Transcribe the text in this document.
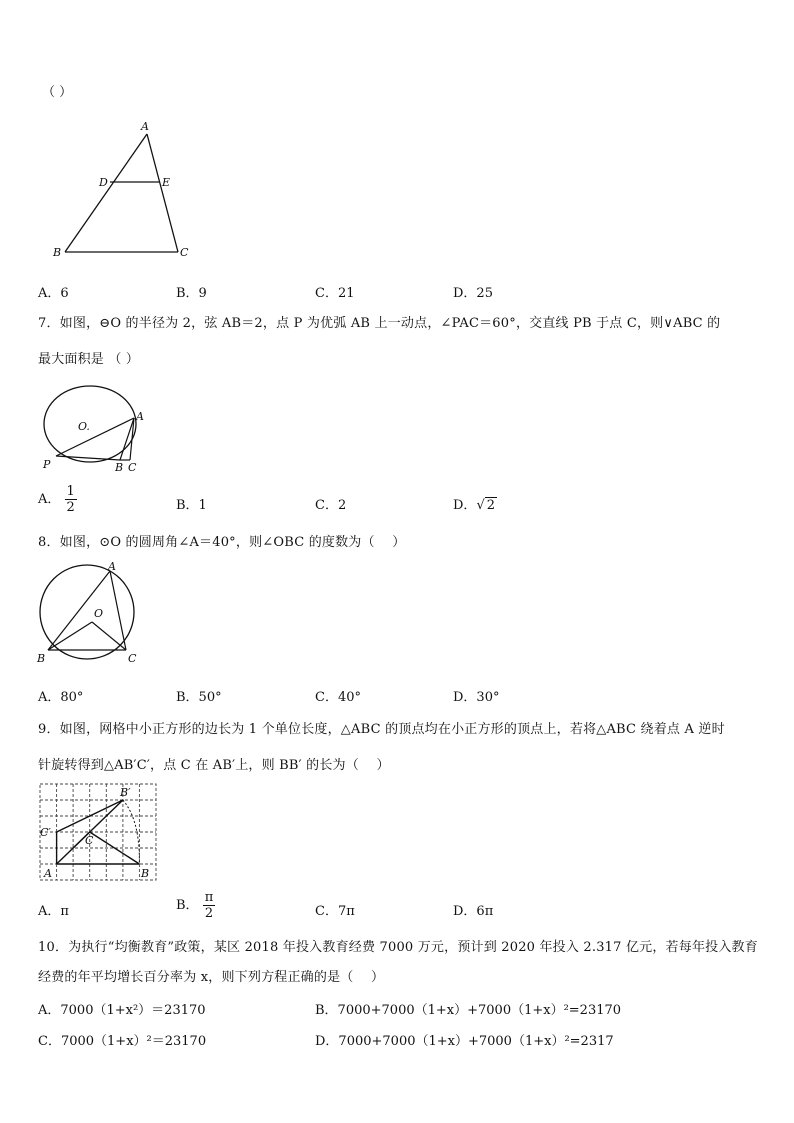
（ ）
A
D	E
B	C
A．6	B．9	C．21	D．25
7．如图，⊖O 的半径为 2，弦 AB＝2，点 P 为优弧 AB 上一动点，∠PAC＝60°，交直线 PB 于点 C，则∨ABC 的
最大面积是 （ ）
O.
A
P	B C
A． $\frac{1}{2}$	B．1	C．2	D．√ 2
8．如图，⊙O 的圆周角∠A＝40°，则∠OBC 的度数为（　 ）
A
O
B	C
A．80°	B．50°	C．40°	D．30°
9．如图，网格中小正方形的边长为 1 个单位长度，△ABC 的顶点均在小正方形的顶点上，若将△ABC 绕着点 A 逆时
针旋转得到△AB′C′，点 C 在 AB′上，则 BB′ 的长为（　 ）
B′
C′
C
A	B
A．π	B． $\frac{\pi}{2}$	C．7π	D．6π
10．为执行“均衡教育”政策，某区 2018 年投入教育经费 7000 万元，预计到 2020 年投入 2.317 亿元，若每年投入教育
经费的年平均增长百分率为 x，则下列方程正确的是（　 ）
A．7000（1+x²）＝23170	B．7000+7000（1+x）+7000（1+x）²=23170
C．7000（1+x）²＝23170	D．7000+7000（1+x）+7000（1+x）²=2317
